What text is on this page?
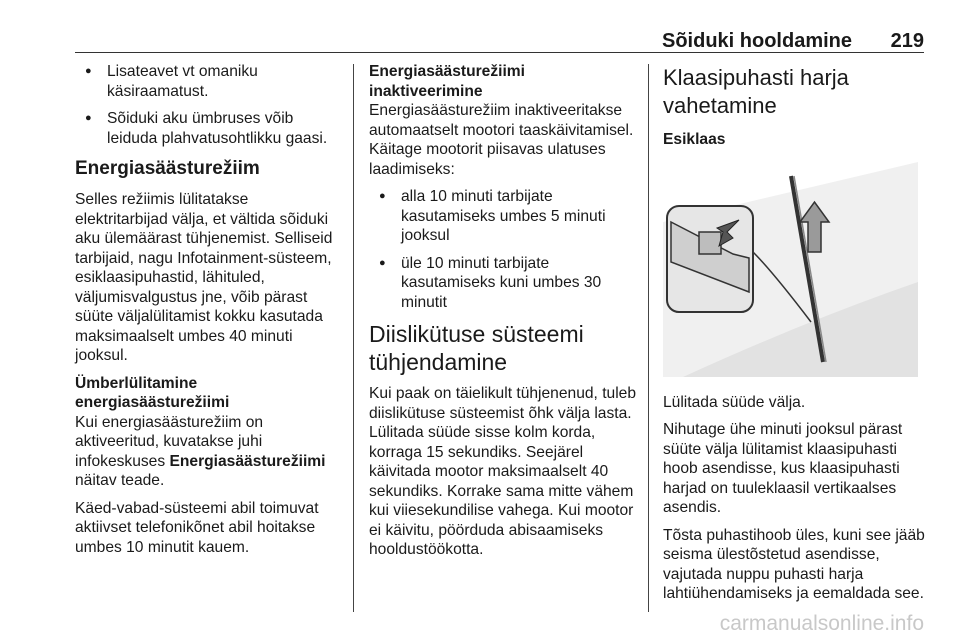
Sõiduki hooldamine 219
● Lisateavet vt omaniku käsiraamatust.
● Sõiduki aku ümbruses võib leiduda plahvatusohtlikku gaasi.
Energiasäästurežiim

Selles režiimis lülitatakse elektritarbijad välja, et vältida sõiduki aku ülemäärast tühjenemist. Selliseid tarbijaid, nagu Infotainment-süsteem, esiklaasipuhastid, lähituled, väljumisvalgustus jne, võib pärast süüte väljalülitamist kokku kasutada maksimaalselt umbes 40 minuti jooksul.

Ümberlülitamine energiasäästurežiimi

Kui energiasäästurežiim on aktiveeritud, kuvatakse juhi infokeskuses Energiasäästurežiimi näitav teade.

Käed-vabad-süsteemi abil toimuvat aktiivset telefonikõnet abil hoitakse umbes 10 minutit kauem.

Energiasäästurežiimi inaktiveerimine

Energiasäästurežiim inaktiveeritakse automaatselt mootori taaskäivitamisel. Käitage mootorit piisavas ulatuses laadimiseks:

● alla 10 minuti tarbijate kasutamiseks umbes 5 minuti jooksul
● üle 10 minuti tarbijate kasutamiseks kuni umbes 30 minutit
Diislikütuse süsteemi tühjendamine

Kui paak on täielikult tühjenenud, tuleb diislikütuse süsteemist õhk välja lasta. Lülitada süüde sisse kolm korda, korraga 15 sekundiks. Seejärel käivitada mootor maksimaalselt 40 sekundiks. Korrake sama mitte vähem kui viiesekundilise vahega. Kui mootor ei käivitu, pöörduda abisaamiseks hooldustöökotta.

Klaasipuhasti harja vahetamine
Esiklaas

Lülitada süüde välja.

Nihutage ühe minuti jooksul pärast süüte välja lülitamist klaasipuhasti hoob asendisse, kus klaasipuhasti harjad on tuuleklaasil vertikaalses asendis.

Tõsta puhastihoob üles, kuni see jääb seisma ülestõstetud asendisse, vajutada nuppu puhasti harja lahtiühendamiseks ja eemaldada see.

carmanualsonline.info
